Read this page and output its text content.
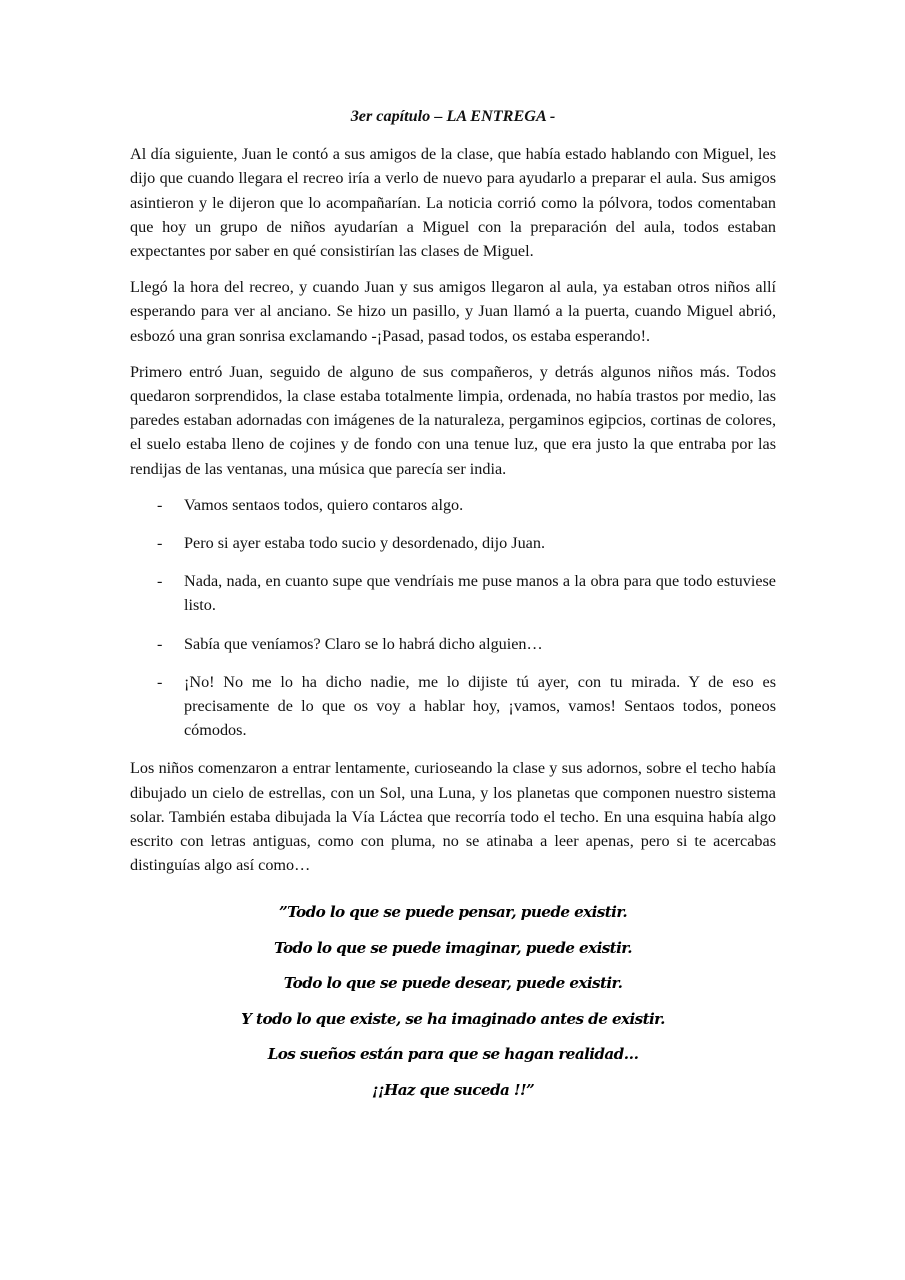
3er capítulo – LA ENTREGA -

Al día siguiente, Juan le contó a sus amigos de la clase, que había estado hablando con Miguel, les dijo que cuando llegara el recreo iría a verlo de nuevo para ayudarlo a preparar el aula. Sus amigos asintieron y le dijeron que lo acompañarían. La noticia corrió como la pólvora, todos comentaban que hoy un grupo de niños ayudarían a Miguel con la preparación del aula, todos estaban expectantes por saber en qué consistirían las clases de Miguel.

Llegó la hora del recreo, y cuando Juan y sus amigos llegaron al aula, ya estaban otros niños allí esperando para ver al anciano. Se hizo un pasillo, y Juan llamó a la puerta, cuando Miguel abrió, esbozó una gran sonrisa exclamando -¡Pasad, pasad todos, os estaba esperando!.

Primero entró Juan, seguido de alguno de sus compañeros, y detrás algunos niños más. Todos quedaron sorprendidos, la clase estaba totalmente limpia, ordenada, no había trastos por medio, las paredes estaban adornadas con imágenes de la naturaleza, pergaminos egipcios, cortinas de colores, el suelo estaba lleno de cojines y de fondo con una tenue luz, que era justo la que entraba por las rendijas de las ventanas, una música que parecía ser india.

- Vamos sentaos todos, quiero contaros algo.
- Pero si ayer estaba todo sucio y desordenado, dijo Juan.
- Nada, nada, en cuanto supe que vendríais me puse manos a la obra para que todo estuviese listo.
- Sabía que veníamos? Claro se lo habrá dicho alguien…
- ¡No! No me lo ha dicho nadie, me lo dijiste tú ayer, con tu mirada. Y de eso es precisamente de lo que os voy a hablar hoy, ¡vamos, vamos! Sentaos todos, poneos cómodos.

Los niños comenzaron a entrar lentamente, curioseando la clase y sus adornos, sobre el techo había dibujado un cielo de estrellas, con un Sol, una Luna, y los planetas que componen nuestro sistema solar. También estaba dibujada la Vía Láctea que recorría todo el techo. En una esquina había algo escrito con letras antiguas, como con pluma, no se atinaba a leer apenas, pero si te acercabas distinguías algo así como…

”Todo lo que se puede pensar, puede existir.
Todo lo que se puede imaginar, puede existir.
Todo lo que se puede desear, puede existir.
Y todo lo que existe, se ha imaginado antes de existir.
Los sueños están para que se hagan realidad…
¡¡Haz que suceda !!”
